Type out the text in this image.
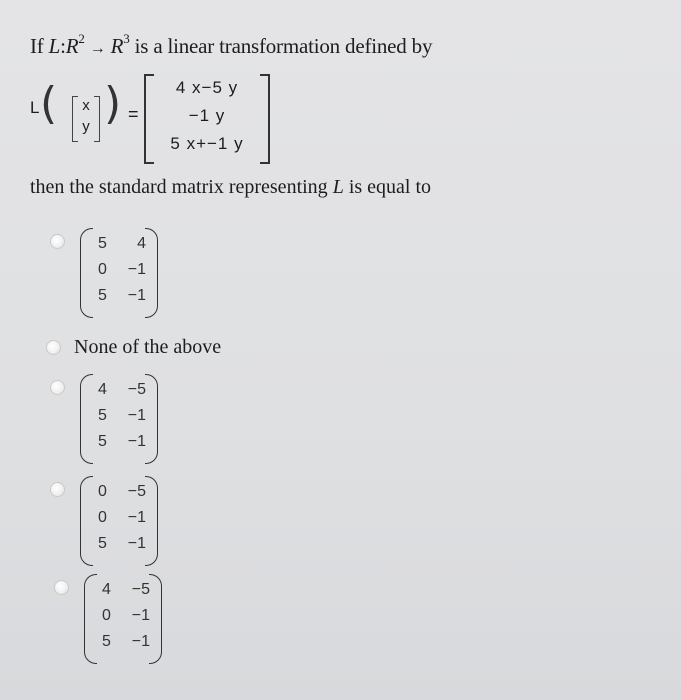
If $L:R^2 \to R^3$ is a linear transformation defined by
L (	x
y ) =
4 x−5 y
−1 y
5 x+−1 y
then the standard matrix representing L is equal to
5 4
0 −1
5 −1
None of the above
4 −5
5 −1
5 −1
0 −5
0 −1
5 −1
4 −5
0 −1
5 −1
